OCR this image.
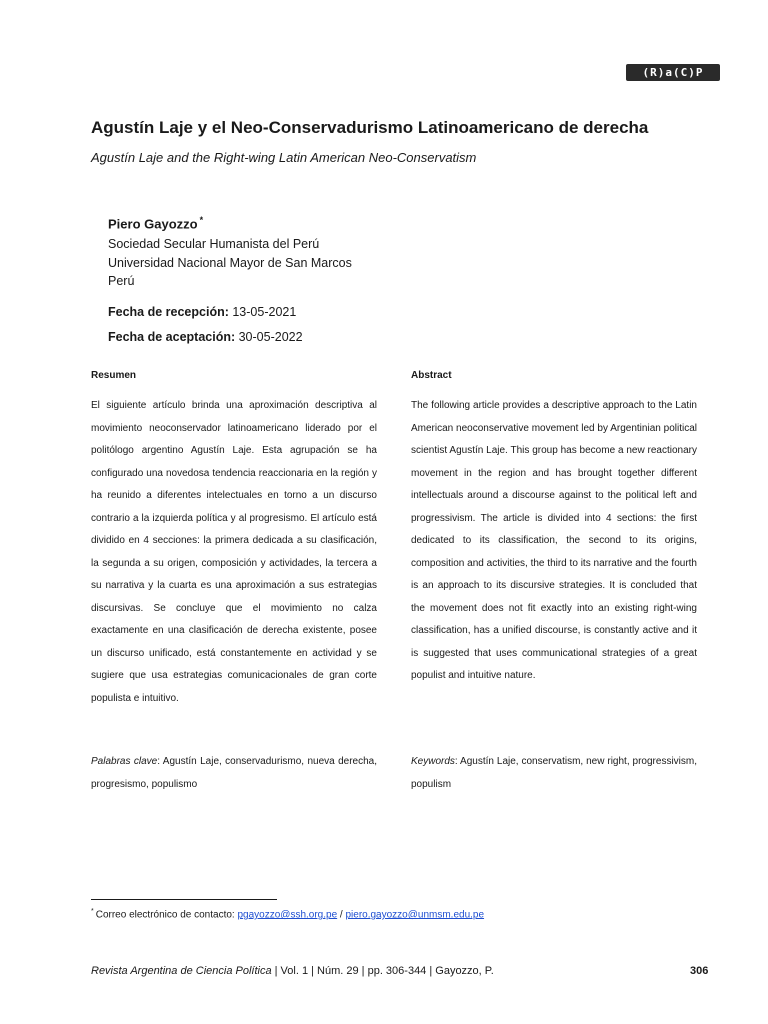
(R)a(C)P
Agustín Laje y el Neo-Conservadurismo Latinoamericano de derecha
Agustín Laje and the Right-wing Latin American Neo-Conservatism
Piero Gayozzo *
Sociedad Secular Humanista del Perú
Universidad Nacional Mayor de San Marcos
Perú
Fecha de recepción: 13-05-2021
Fecha de aceptación: 30-05-2022
Resumen	Abstract
El siguiente artículo brinda una aproximación descriptiva al movimiento neoconservador latinoamericano liderado por el politólogo argentino Agustín Laje. Esta agrupación se ha configurado una novedosa tendencia reaccionaria en la región y ha reunido a diferentes intelectuales en torno a un discurso contrario a la izquierda política y al progresismo. El artículo está dividido en 4 secciones: la primera dedicada a su clasificación, la segunda a su origen, composición y actividades, la tercera a su narrativa y la cuarta es una aproximación a sus estrategias discursivas. Se concluye que el movimiento no calza exactamente en una clasificación de derecha existente, posee un discurso unificado, está constantemente en actividad y se sugiere que usa estrategias comunicacionales de gran corte populista e intuitivo.
The following article provides a descriptive approach to the Latin American neoconservative movement led by Argentinian political scientist Agustín Laje. This group has become a new reactionary movement in the region and has brought together different intellectuals around a discourse against to the political left and progressivism. The article is divided into 4 sections: the first dedicated to its classification, the second to its origins, composition and activities, the third to its narrative and the fourth is an approach to its discursive strategies. It is concluded that the movement does not fit exactly into an existing right-wing classification, has a unified discourse, is constantly active and it is suggested that uses communicational strategies of a great populist and intuitive nature.
Palabras clave: Agustín Laje, conservadurismo, nueva derecha, progresismo, populismo
Keywords: Agustín Laje, conservatism, new right, progressivism, populism
* Correo electrónico de contacto: pgayozzo@ssh.org.pe / piero.gayozzo@unmsm.edu.pe
Revista Argentina de Ciencia Política | Vol. 1 | Núm. 29 | pp. 306-344 | Gayozzo, P.	306
